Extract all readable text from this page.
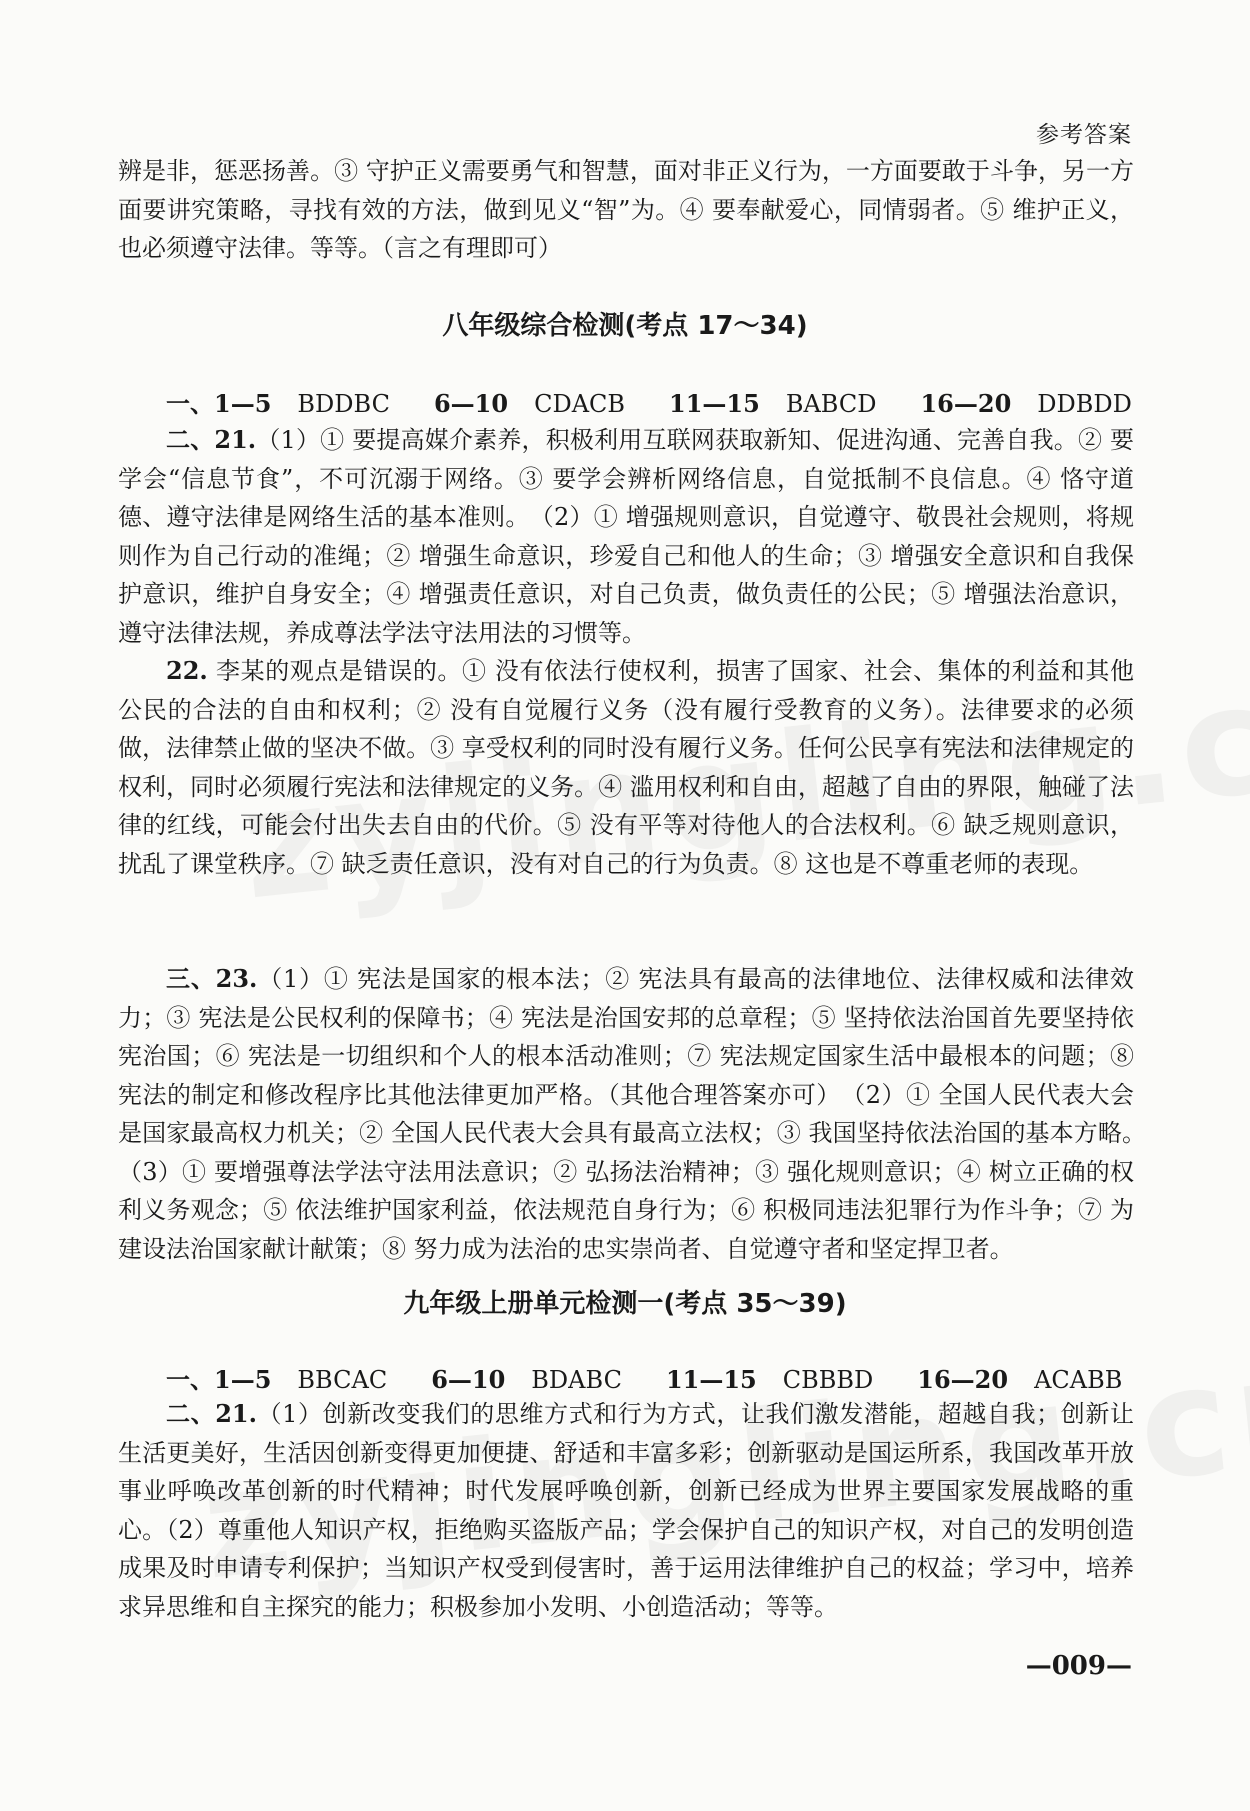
参考答案

辨是非，惩恶扬善。③ 守护正义需要勇气和智慧，面对非正义行为，一方面要敢于斗争，另一方面要讲究策略，寻找有效的方法，做到见义“智”为。④ 要奉献爱心，同情弱者。⑤ 维护正义，也必须遵守法律。等等。（言之有理即可）

八年级综合检测(考点 17～34)
一、1—5 BDDBC 6—10 CDACB 11—15 BABCD 16—20 DDBDD

二、21.（1）① 要提高媒介素养，积极利用互联网获取新知、促进沟通、完善自我。② 要学会“信息节食”，不可沉溺于网络。③ 要学会辨析网络信息，自觉抵制不良信息。④ 恪守道德、遵守法律是网络生活的基本准则。　（2）① 增强规则意识，自觉遵守、敬畏社会规则，将规则作为自己行动的准绳；② 增强生命意识，珍爱自己和他人的生命；③ 增强安全意识和自我保护意识，维护自身安全；④ 增强责任意识，对自己负责，做负责任的公民；⑤ 增强法治意识，遵守法律法规，养成尊法学法守法用法的习惯等。

22. 李某的观点是错误的。① 没有依法行使权利，损害了国家、社会、集体的利益和其他公民的合法的自由和权利；② 没有自觉履行义务（没有履行受教育的义务）。法律要求的必须做，法律禁止做的坚决不做。③ 享受权利的同时没有履行义务。任何公民享有宪法和法律规定的权利，同时必须履行宪法和法律规定的义务。④ 滥用权利和自由，超越了自由的界限，触碰了法律的红线，可能会付出失去自由的代价。⑤ 没有平等对待他人的合法权利。⑥ 缺乏规则意识，扰乱了课堂秩序。⑦ 缺乏责任意识，没有对自己的行为负责。⑧ 这也是不尊重老师的表现。

三、23.（1）① 宪法是国家的根本法；② 宪法具有最高的法律地位、法律权威和法律效力；③ 宪法是公民权利的保障书；④ 宪法是治国安邦的总章程；⑤ 坚持依法治国首先要坚持依宪治国；⑥ 宪法是一切组织和个人的根本活动准则；⑦ 宪法规定国家生活中最根本的问题；⑧ 宪法的制定和修改程序比其他法律更加严格。（其他合理答案亦可）　（2）① 全国人民代表大会是国家最高权力机关；② 全国人民代表大会具有最高立法权；③ 我国坚持依法治国的基本方略。　（3）① 要增强尊法学法守法用法意识；② 弘扬法治精神；③ 强化规则意识；④ 树立正确的权利义务观念；⑤ 依法维护国家利益，依法规范自身行为；⑥ 积极同违法犯罪行为作斗争；⑦ 为建设法治国家献计献策；⑧ 努力成为法治的忠实崇尚者、自觉遵守者和坚定捍卫者。

九年级上册单元检测一(考点 35～39)
一、1—5 BBCAC 6—10 BDABC 11—15 CBBBD 16—20 ACABB

二、21.（1）创新改变我们的思维方式和行为方式，让我们激发潜能，超越自我；创新让生活更美好，生活因创新变得更加便捷、舒适和丰富多彩；创新驱动是国运所系，我国改革开放事业呼唤改革创新的时代精神；时代发展呼唤创新，创新已经成为世界主要国家发展战略的重心。（2）尊重他人知识产权，拒绝购买盗版产品；学会保护自己的知识产权，对自己的发明创造成果及时申请专利保护；当知识产权受到侵害时，善于运用法律维护自己的权益；学习中，培养求异思维和自主探究的能力；积极参加小发明、小创造活动；等等。

—009—
